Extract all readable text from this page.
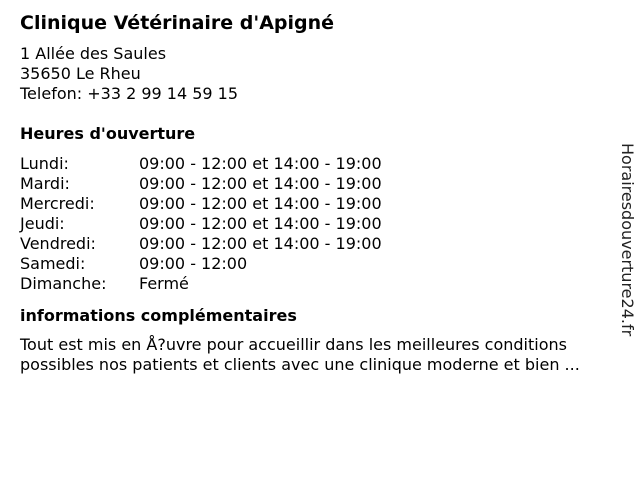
Clinique Vétérinaire d'Apigné
1 Allée des Saules
35650 Le Rheu
Telefon: +33 2 99 14 59 15
Heures d'ouverture
Lundi:	09:00 - 12:00 et 14:00 - 19:00
Mardi:	09:00 - 12:00 et 14:00 - 19:00
Mercredi:	09:00 - 12:00 et 14:00 - 19:00
Jeudi:	09:00 - 12:00 et 14:00 - 19:00
Vendredi:	09:00 - 12:00 et 14:00 - 19:00
Samedi:	09:00 - 12:00
Dimanche:	Fermé
informations complémentaires
Tout est mis en Å?uvre pour accueillir dans les meilleures conditions
possibles nos patients et clients avec une clinique moderne et bien ...
Horairesdouverture24.fr
